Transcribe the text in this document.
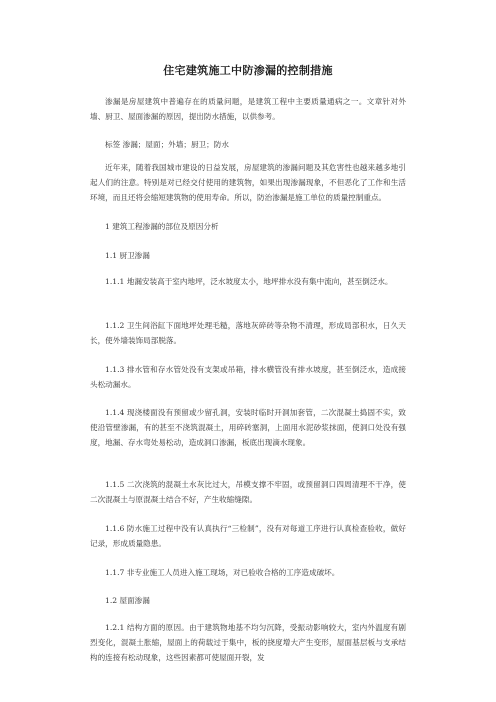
住宅建筑施工中防渗漏的控制措施

渗漏是房屋建筑中普遍存在的质量问题，是建筑工程中主要质量通病之一。文章针对外墙、厨卫、屋面渗漏的原因，提出防水措施，以供参考。

标签 渗漏；屋面；外墙；厨卫；防水

近年来，随着我国城市建设的日益发展，房屋建筑的渗漏问题及其危害性也越来越多地引起人们的注意。特别是对已经交付使用的建筑物，如果出现渗漏现象，不但恶化了工作和生活环境，而且还将会缩短建筑物的使用寿命。所以，防治渗漏是施工单位的质量控制重点。

1 建筑工程渗漏的部位及原因分析

1.1 厨卫渗漏

1.1.1 地漏安装高于室内地坪，泛水坡度太小，地坪排水没有集中流向，甚至倒泛水。

1.1.2 卫生间浴缸下面地坪处理毛糙，落地灰碎砖等杂物不清理，形成局部积水，日久天长，使外墙装饰局部脱落。

1.1.3 排水管和存水管处没有支架或吊箱，排水横管没有排水坡度，甚至倒泛水，造成接头松动漏水。

1.1.4 现浇楼面没有预留或少留孔洞，安装时临时开洞加套管，二次混凝土捣固不实，致使沿管壁渗漏，有的甚至不浇筑混凝土，用碎砖塞洞，上面用水泥砂浆抹面，使洞口处没有强度，地漏、存水弯处易松动，造成洞口渗漏，板底出现滴水现象。

1.1.5 二次浇筑的混凝土水灰比过大，吊模支撑不牢固，或预留洞口四周清理不干净，使二次混凝土与原混凝土结合不好，产生收缩缝隙。

1.1.6 防水施工过程中没有认真执行“三检制”，没有对每道工序进行认真检查验收，做好记录，形成质量隐患。

1.1.7 非专业施工人员进入施工现场，对已验收合格的工序造成破坏。

1.2 屋面渗漏

1.2.1 结构方面的原因。由于建筑物地基不均匀沉降，受振动影响较大，室内外温度有剧烈变化，混凝土胀缩，屋面上的荷载过于集中，板的挠度增大产生变形，屋面基层板与支承结构的连接有松动现象，这些因素都可使屋面开裂，发
